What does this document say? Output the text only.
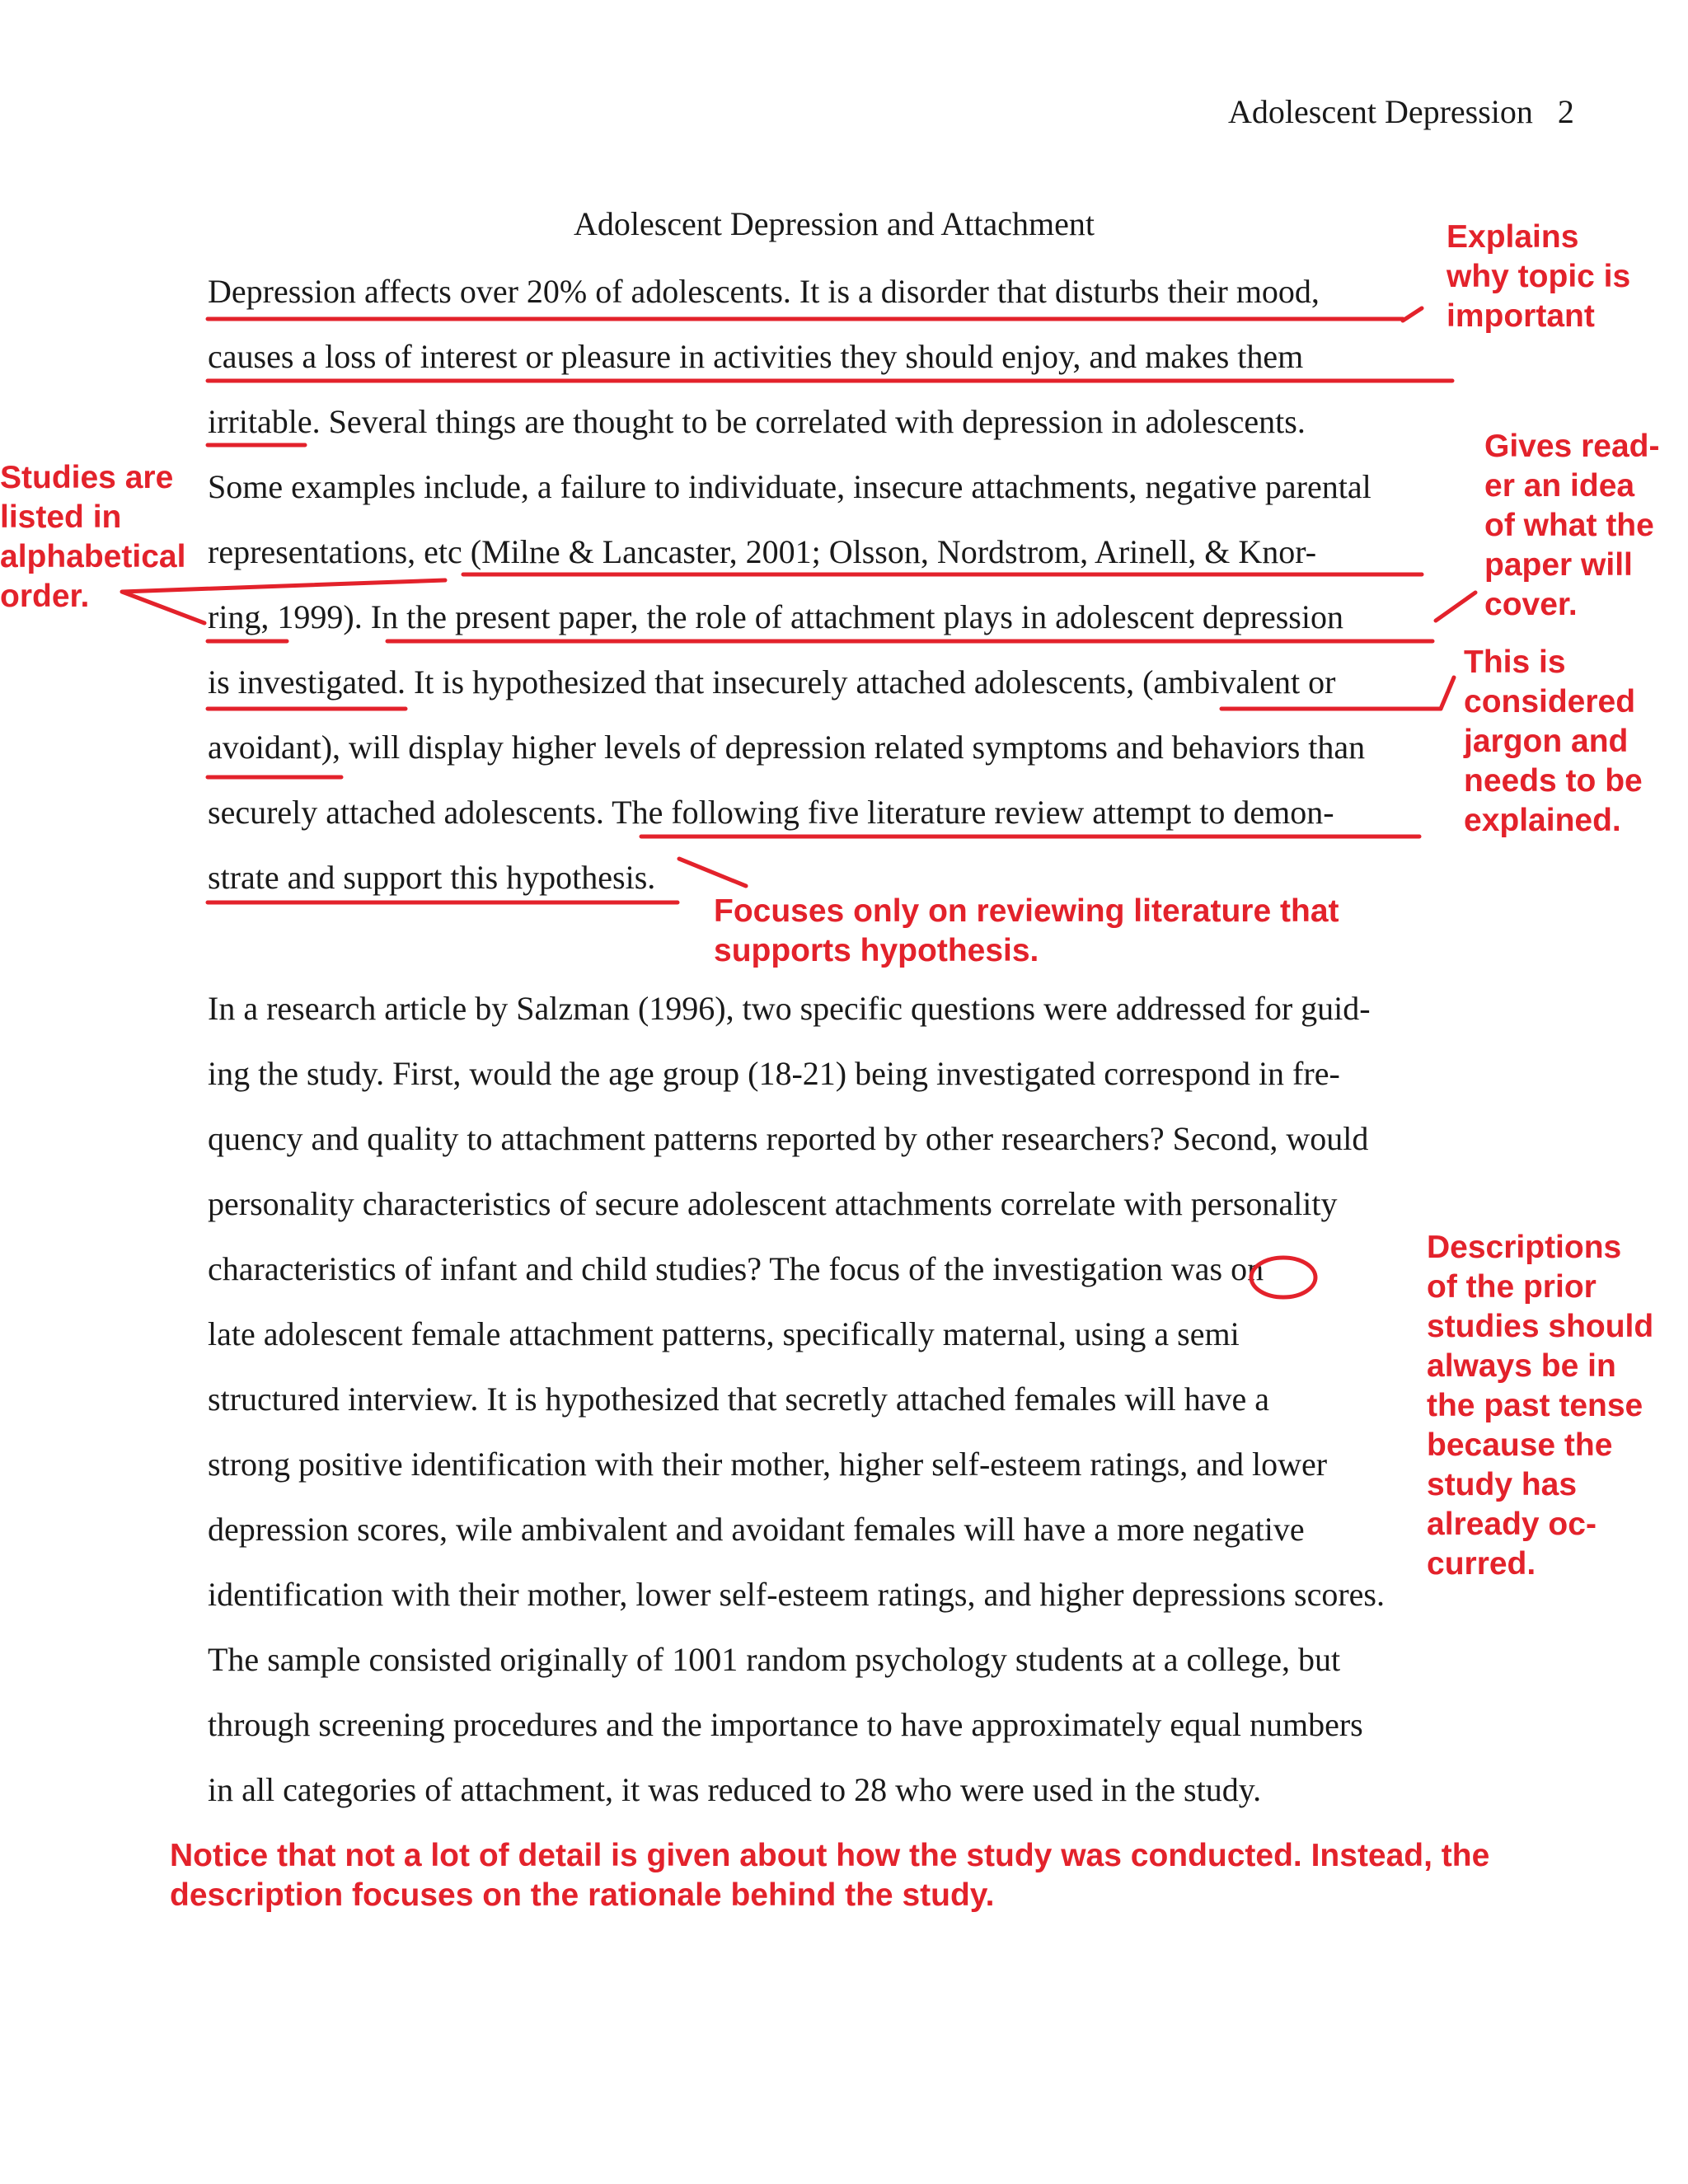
Adolescent Depression 2
Adolescent Depression and Attachment
Depression affects over 20% of adolescents. It is a disorder that disturbs their mood,
causes a loss of interest or pleasure in activities they should enjoy, and makes them
irritable. Several things are thought to be correlated with depression in adolescents.
Some examples include, a failure to individuate, insecure attachments, negative parental
representations, etc (Milne & Lancaster, 2001; Olsson, Nordstrom, Arinell, & Knor-
ring, 1999). In the present paper, the role of attachment plays in adolescent depression
is investigated. It is hypothesized that insecurely attached adolescents, (ambivalent or
avoidant), will display higher levels of depression related symptoms and behaviors than
securely attached adolescents. The following five literature review attempt to demon-
strate and support this hypothesis.
In a research article by Salzman (1996), two specific questions were addressed for guid-
ing the study. First, would the age group (18-21) being investigated correspond in fre-
quency and quality to attachment patterns reported by other researchers? Second, would
personality characteristics of secure adolescent attachments correlate with personality
characteristics of infant and child studies? The focus of the investigation was on
late adolescent female attachment patterns, specifically maternal, using a semi
structured interview. It is hypothesized that secretly attached females will have a
strong positive identification with their mother, higher self-esteem ratings, and lower
depression scores, wile ambivalent and avoidant females will have a more negative
identification with their mother, lower self-esteem ratings, and higher depressions scores.
The sample consisted originally of 1001 random psychology students at a college, but
through screening procedures and the importance to have approximately equal numbers
in all categories of attachment, it was reduced to 28 who were used in the study.
Explains
why topic is
important
Studies are
listed in
alphabetical
order.
Gives read-
er an idea
of what the
paper will
cover.
This is
considered
jargon and
needs to be
explained.
Focuses only on reviewing literature that
supports hypothesis.
Descriptions
of the prior
studies should
always be in
the past tense
because the
study has
already oc-
curred.
Notice that not a lot of detail is given about how the study was conducted. Instead, the
description focuses on the rationale behind the study.
